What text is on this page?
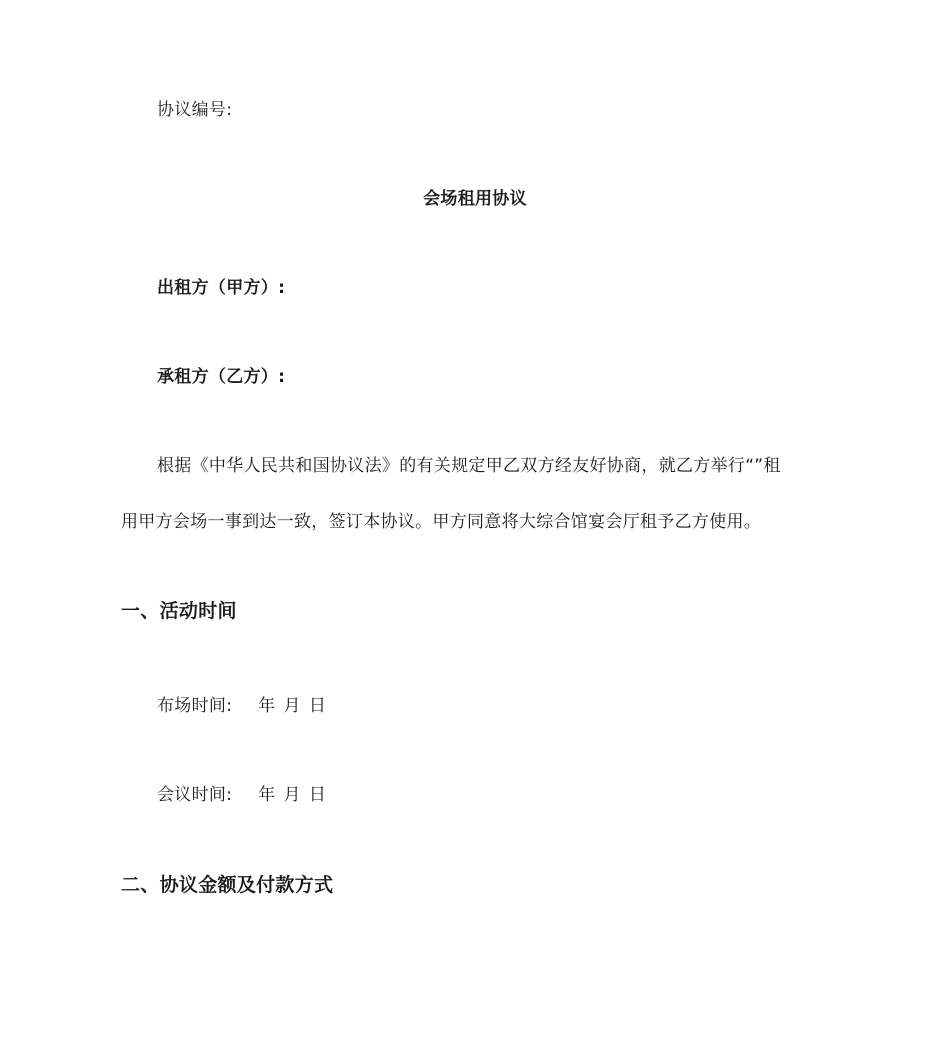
协议编号:
会场租用协议
出租方（甲方）:
承租方（乙方）:
根据《中华人民共和国协议法》的有关规定甲乙双方经友好协商，就乙方举行“”租
用甲方会场一事到达一致，签订本协议。甲方同意将大综合馆宴会厅租予乙方使用。
一、活动时间
布场时间: 年 月 日
会议时间: 年 月 日
二、协议金额及付款方式
